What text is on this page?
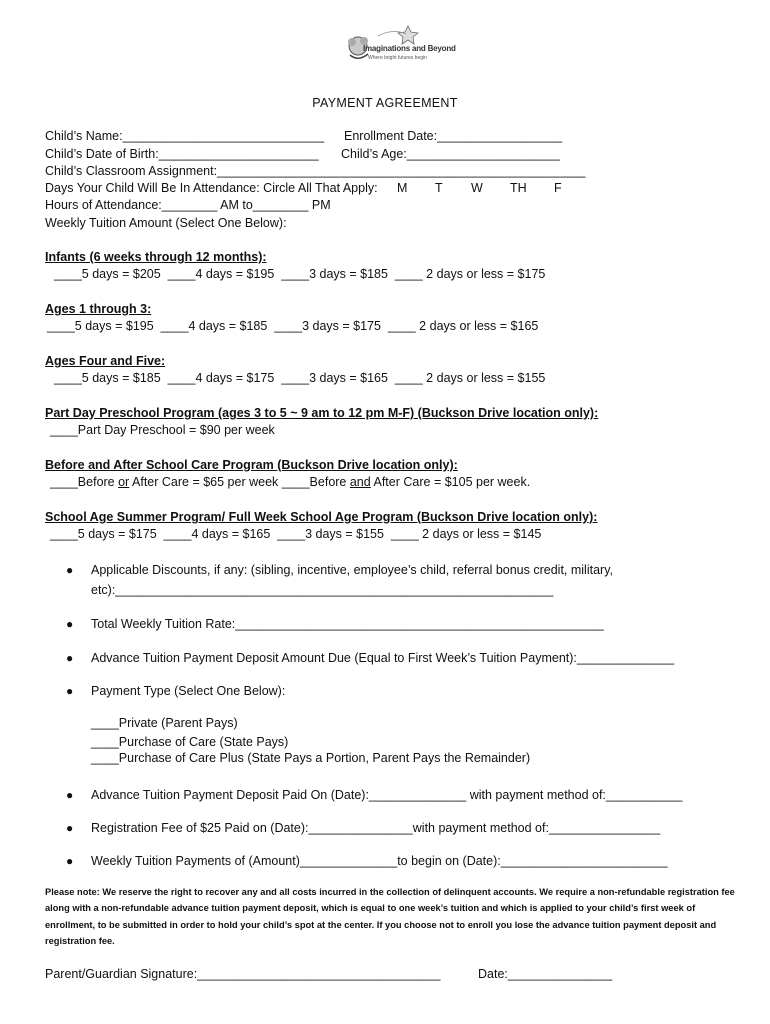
Imaginations and Beyond
Where bright futures begin
PAYMENT AGREEMENT
Child’s Name:_____________________________ Enrollment Date:__________________
Child’s Date of Birth:_______________________ Child’s Age:______________________
Child’s Classroom Assignment:_____________________________________________________
Days Your Child Will Be In Attendance: Circle All That Apply: M T W TH F
Hours of Attendance:________ AM to________ PM
Weekly Tuition Amount (Select One Below):
Infants (6 weeks through 12 months):
____5 days = $205  ____4 days = $195  ____3 days = $185  ____ 2 days or less = $175
Ages 1 through 3:
____5 days = $195  ____4 days = $185  ____3 days = $175  ____ 2 days or less = $165
Ages Four and Five:
____5 days = $185  ____4 days = $175  ____3 days = $165  ____ 2 days or less = $155
Part Day Preschool Program (ages 3 to 5 ~ 9 am to 12 pm M-F) (Buckson Drive location only):
____Part Day Preschool = $90 per week
Before and After School Care Program (Buckson Drive location only):
____Before or After Care = $65 per week ____Before and After Care = $105 per week.
School Age Summer Program/ Full Week School Age Program (Buckson Drive location only):
____5 days = $175  ____4 days = $165  ____3 days = $155  ____ 2 days or less = $145
● Applicable Discounts, if any: (sibling, incentive, employee’s child, referral bonus credit, military,
etc):_______________________________________________________________
● Total Weekly Tuition Rate:_____________________________________________________
● Advance Tuition Payment Deposit Amount Due (Equal to First Week’s Tuition Payment):______________
● Payment Type (Select One Below):
____Private (Parent Pays)
____Purchase of Care (State Pays)
____Purchase of Care Plus (State Pays a Portion, Parent Pays the Remainder)
● Advance Tuition Payment Deposit Paid On (Date):______________ with payment method of:___________
● Registration Fee of $25 Paid on (Date):_______________with payment method of:________________
● Weekly Tuition Payments of (Amount)______________to begin on (Date):________________________
Please note: We reserve the right to recover any and all costs incurred in the collection of delinquent accounts. We require a non-refundable registration fee along with a non-refundable advance tuition payment deposit, which is equal to one week’s tuition and which is applied to your child’s first week of enrollment, to be submitted in order to hold your child’s spot at the center. If you choose not to enroll you lose the advance tuition payment deposit and registration fee.
Parent/Guardian Signature:___________________________________	Date:_______________
